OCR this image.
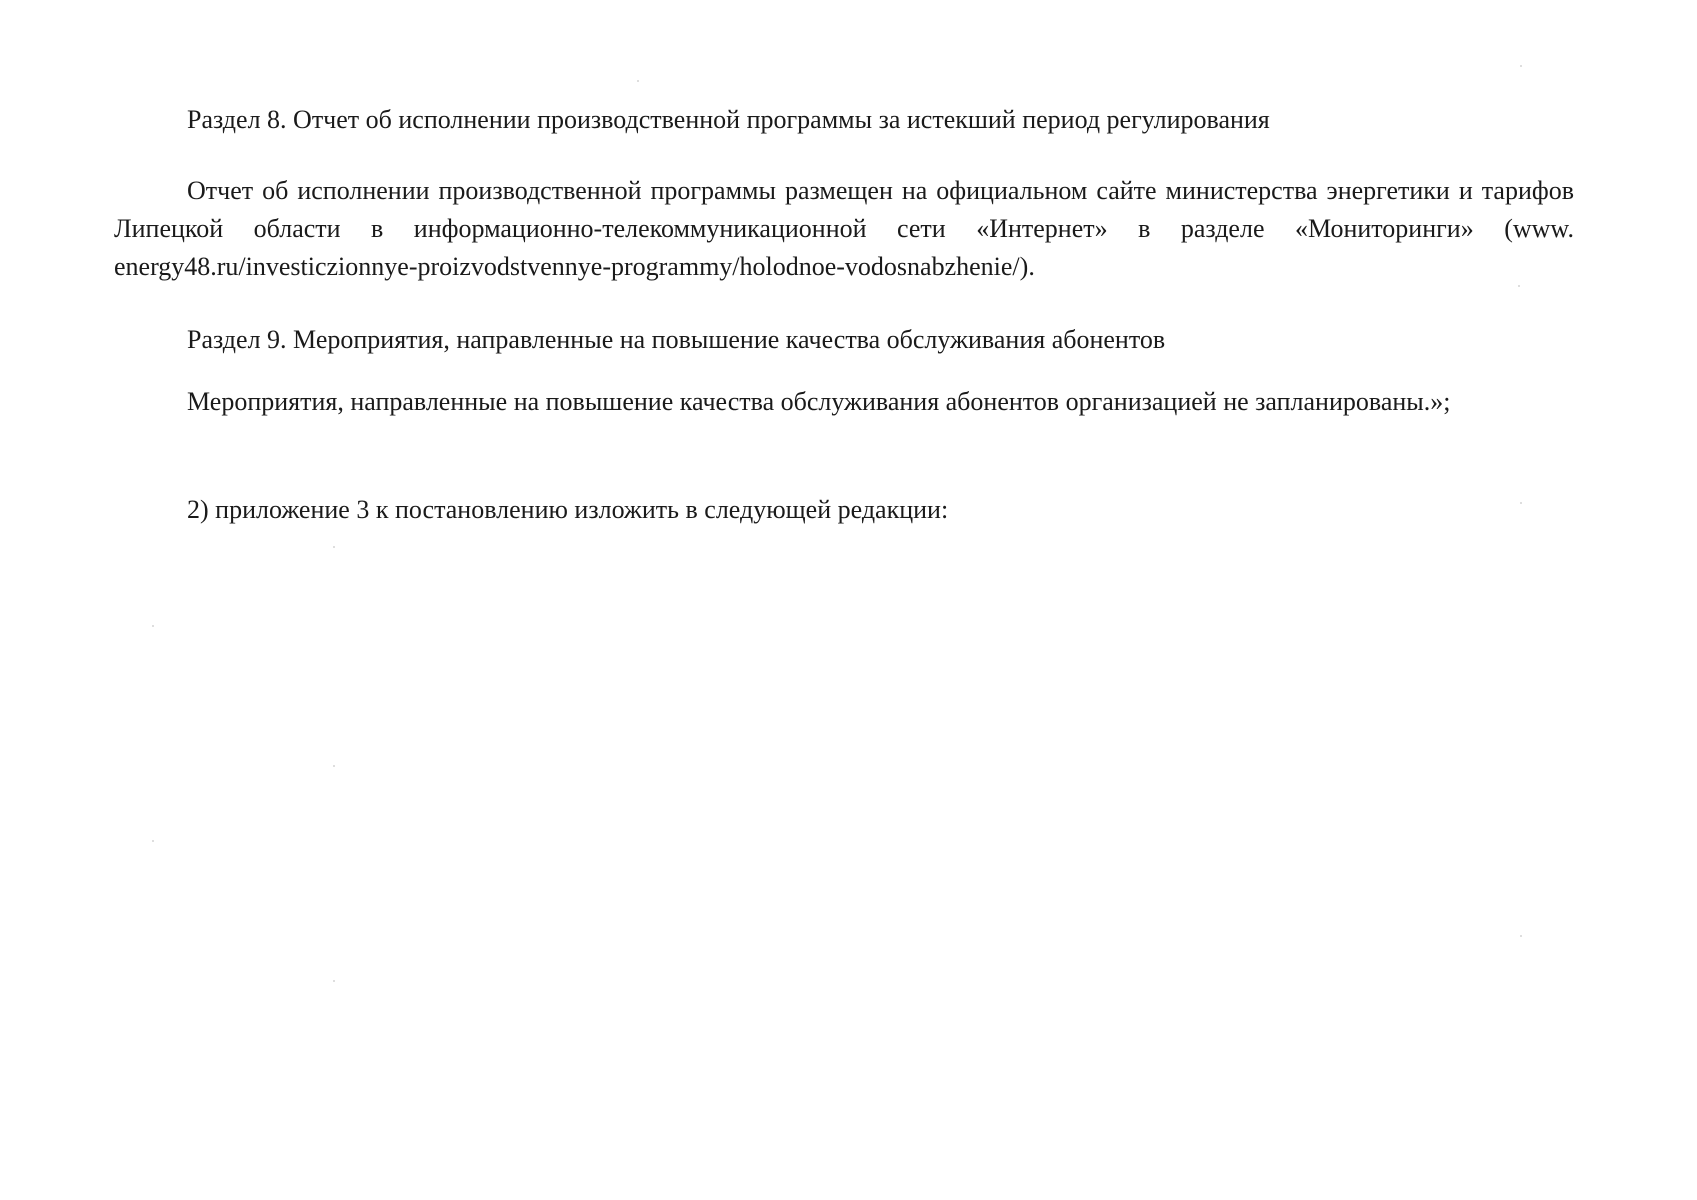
Раздел 8. Отчет об исполнении производственной программы за истекший период регулирования

Отчет об исполнении производственной программы размещен на официальном сайте министерства энергетики и тарифов Липецкой области в информационно-телекоммуникационной сети «Интернет» в разделе «Мониторинги» (www. energy48.ru/investiczionnye-proizvodstvennye-programmy/holodnoe-vodosnabzhenie/).

Раздел 9. Мероприятия, направленные на повышение качества обслуживания абонентов

Мероприятия, направленные на повышение качества обслуживания абонентов организацией не запланированы.»;

2) приложение 3 к постановлению изложить в следующей редакции:
